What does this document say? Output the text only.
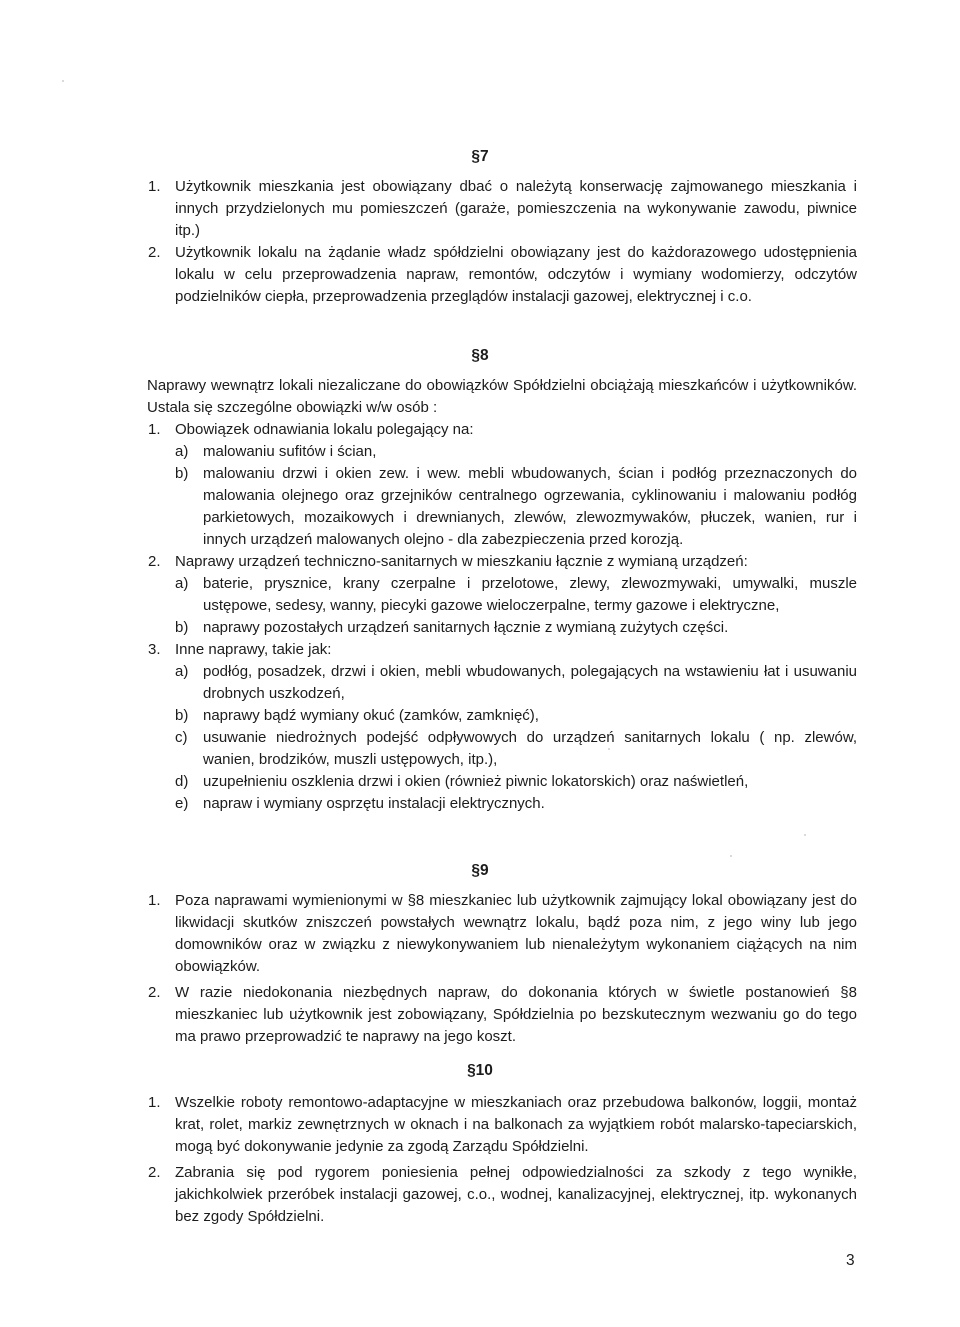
§7
1. Użytkownik mieszkania jest obowiązany dbać o należytą konserwację zajmowanego mieszkania i innych przydzielonych mu pomieszczeń (garaże, pomieszczenia na wykonywanie zawodu, piwnice itp.)

2. Użytkownik lokalu na żądanie władz spółdzielni obowiązany jest do każdorazowego udostępnienia lokalu w celu przeprowadzenia napraw, remontów, odczytów i wymiany wodomierzy, odczytów podzielników ciepła, przeprowadzenia przeglądów instalacji gazowej, elektrycznej i c.o.

§8

Naprawy wewnątrz lokali niezaliczane do obowiązków Spółdzielni obciążają mieszkańców i użytkowników. Ustala się szczególne obowiązki w/w osób :

1. Obowiązek odnawiania lokalu polegający na:

a) malowaniu sufitów i ścian,

b) malowaniu drzwi i okien zew. i wew. mebli wbudowanych, ścian i podłóg przeznaczonych do malowania olejnego oraz grzejników centralnego ogrzewania, cyklinowaniu i malowaniu podłóg parkietowych, mozaikowych i drewnianych, zlewów, zlewozmywaków, płuczek, wanien, rur i innych urządzeń malowanych olejno - dla zabezpieczenia przed korozją.

2. Naprawy urządzeń techniczno-sanitarnych w mieszkaniu łącznie z wymianą urządzeń:

a) baterie, prysznice, krany czerpalne i przelotowe, zlewy, zlewozmywaki, umywalki, muszle ustępowe, sedesy, wanny, piecyki gazowe wieloczerpalne, termy gazowe i elektryczne,

b) naprawy pozostałych urządzeń sanitarnych łącznie z wymianą zużytych części.

3. Inne naprawy, takie jak:

a) podłóg, posadzek, drzwi i okien, mebli wbudowanych, polegających na wstawieniu łat i usuwaniu drobnych uszkodzeń,

b) naprawy bądź wymiany okuć (zamków, zamknięć),

c) usuwanie niedrożnych podejść odpływowych do urządzeń sanitarnych lokalu ( np. zlewów, wanien, brodzików, muszli ustępowych, itp.),

d) uzupełnieniu oszklenia drzwi i okien (również piwnic lokatorskich) oraz naświetleń,

e) napraw i wymiany osprzętu instalacji elektrycznych.

§9
1. Poza naprawami wymienionymi w §8 mieszkaniec lub użytkownik zajmujący lokal obowiązany jest do likwidacji skutków zniszczeń powstałych wewnątrz lokalu, bądź poza nim, z jego winy lub jego domowników oraz w związku z niewykonywaniem lub nienależytym wykonaniem ciążących na nim obowiązków.

2. W razie niedokonania niezbędnych napraw, do dokonania których w świetle postanowień §8 mieszkaniec lub użytkownik jest zobowiązany, Spółdzielnia po bezskutecznym wezwaniu go do tego ma prawo przeprowadzić te naprawy na jego koszt.

§10
1. Wszelkie roboty remontowo-adaptacyjne w mieszkaniach oraz przebudowa balkonów, loggii, montaż krat, rolet, markiz zewnętrznych w oknach i na balkonach za wyjątkiem robót malarsko-tapeciarskich, mogą być dokonywanie jedynie za zgodą Zarządu Spółdzielni.

2. Zabrania się pod rygorem poniesienia pełnej odpowiedzialności za szkody z tego wynikłe, jakichkolwiek przeróbek instalacji gazowej, c.o., wodnej, kanalizacyjnej, elektrycznej, itp. wykonanych bez zgody Spółdzielni.

3
